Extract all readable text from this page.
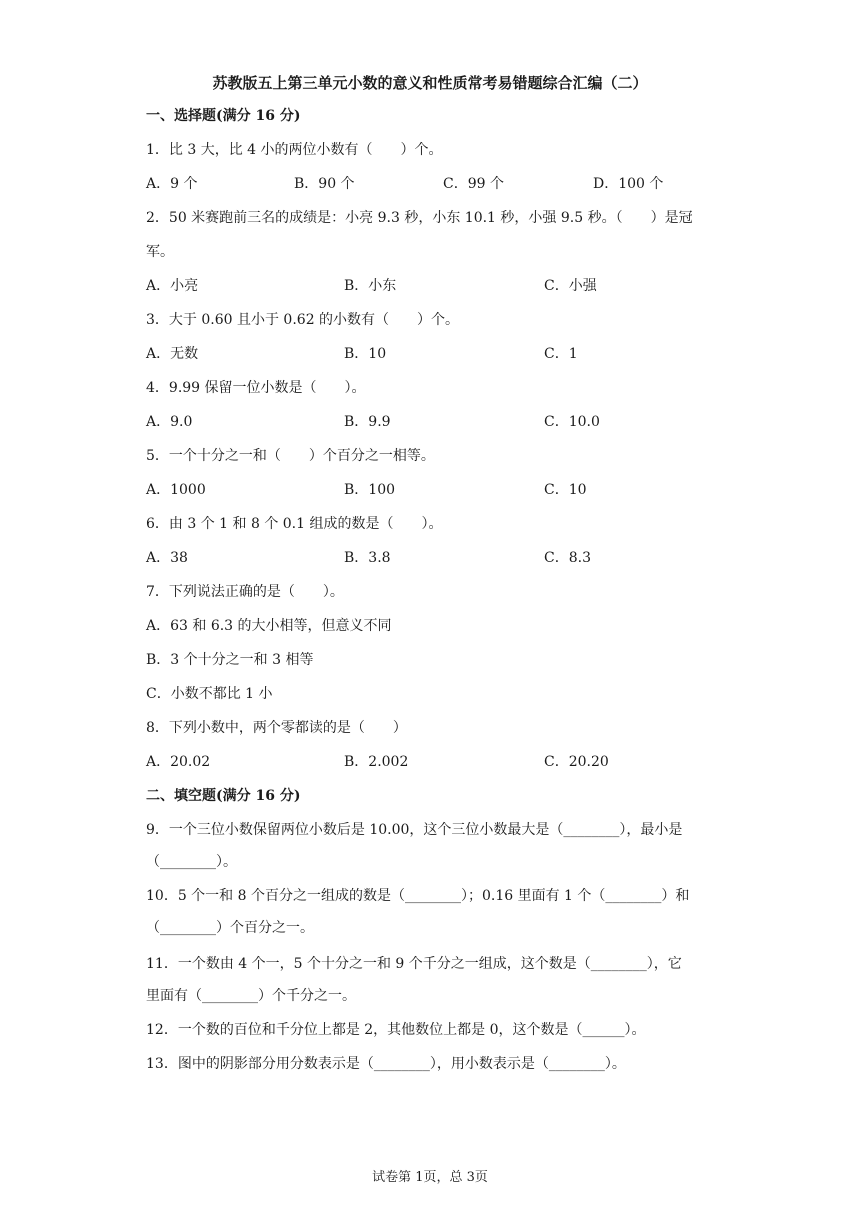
苏教版五上第三单元小数的意义和性质常考易错题综合汇编（二）
一、选择题(满分 16 分)
1．比 3 大，比 4 小的两位小数有（　　）个。
A．9 个	B．90 个	C．99 个	D．100 个
2．50 米赛跑前三名的成绩是：小亮 9.3 秒，小东 10.1 秒，小强 9.5 秒。（　　）是冠
军。
A．小亮	B．小东	C．小强
3．大于 0.60 且小于 0.62 的小数有（　　）个。
A．无数	B．10	C．1
4．9.99 保留一位小数是（　　）。
A．9.0	B．9.9	C．10.0
5．一个十分之一和（　　）个百分之一相等。
A．1000	B．100	C．10
6．由 3 个 1 和 8 个 0.1 组成的数是（　　）。
A．38	B．3.8	C．8.3
7．下列说法正确的是（　　）。
A．63 和 6.3 的大小相等，但意义不同
B．3 个十分之一和 3 相等
C．小数不都比 1 小
8．下列小数中，两个零都读的是（　　）
A．20.02	B．2.002	C．20.20
二、填空题(满分 16 分)
9．一个三位小数保留两位小数后是 10.00，这个三位小数最大是（________），最小是
（________）。
10．5 个一和 8 个百分之一组成的数是（________）；0.16 里面有 1 个（________）和
（________）个百分之一。
11．一个数由 4 个一，5 个十分之一和 9 个千分之一组成，这个数是（________），它
里面有（________）个千分之一。
12．一个数的百位和千分位上都是 2，其他数位上都是 0，这个数是（______）。
13．图中的阴影部分用分数表示是（________），用小数表示是（________）。
试卷第 1页，总 3页
